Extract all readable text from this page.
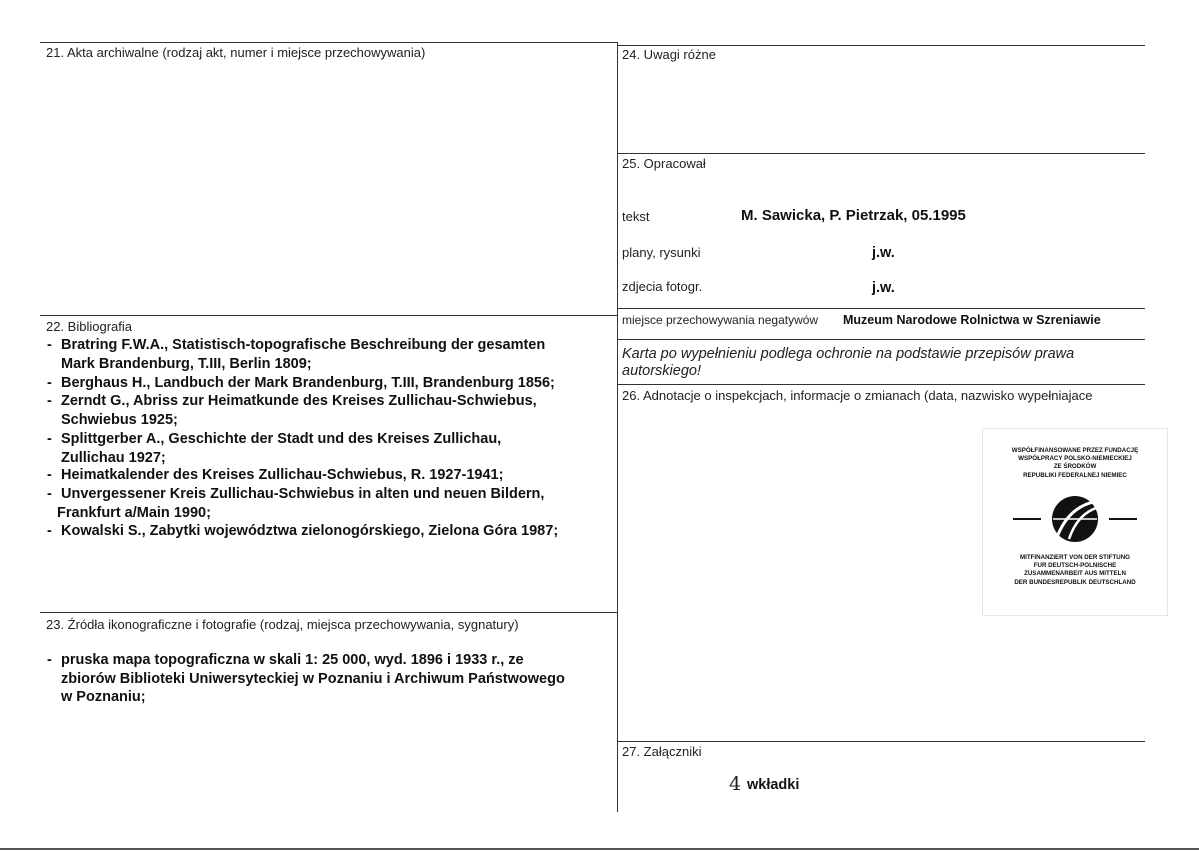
21. Akta archiwalne (rodzaj akt, numer i miejsce przechowywania)
22. Bibliografia
- Bratring F.W.A., Statistisch-topografische Beschreibung der gesamten
Mark Brandenburg, T.III, Berlin 1809;
- Berghaus H., Landbuch der Mark Brandenburg, T.III, Brandenburg 1856;
- Zerndt G., Abriss zur Heimatkunde des Kreises Zullichau-Schwiebus,
Schwiebus 1925;
- Splittgerber A., Geschichte der Stadt und des Kreises Zullichau,
Zullichau 1927;
- Heimatkalender des Kreises Zullichau-Schwiebus, R. 1927-1941;
- Unvergessener Kreis Zullichau-Schwiebus in alten und neuen Bildern,
Frankfurt a/Main 1990;
- Kowalski S., Zabytki województwa zielonogórskiego, Zielona Góra 1987;
23. Źródła ikonograficzne i fotografie (rodzaj, miejsca przechowywania, sygnatury)
- pruska mapa topograficzna w skali 1: 25 000, wyd. 1896 i 1933 r., ze
zbiorów Biblioteki Uniwersyteckiej w Poznaniu i Archiwum Państwowego
w Poznaniu;
24. Uwagi różne
25. Opracował
tekst	M. Sawicka, P. Pietrzak, 05.1995
plany, rysunki	j.w.
zdjecia fotogr.	j.w.
miejsce przechowywania negatywów Muzeum Narodowe Rolnictwa w Szreniawie
Karta po wypełnieniu podlega ochronie na podstawie przepisów prawa autorskiego!
26. Adnotacje o inspekcjach, informacje o zmianach (data, nazwisko wypełniajace
WSPÓŁFINANSOWANE PRZEZ FUNDACJĘ
WSPÓŁPRACY POLSKO-NIEMIECKIEJ
ZE ŚRODKÓW
REPUBLIKI FEDERALNEJ NIEMIEC
MITFINANZIERT VON DER STIFTUNG
FUR DEUTSCH-POLNISCHE
ZUSAMMENARBEIT AUS MITTELN
DER BUNDESREPUBLIK DEUTSCHLAND
27. Załączniki
4 wkładki
